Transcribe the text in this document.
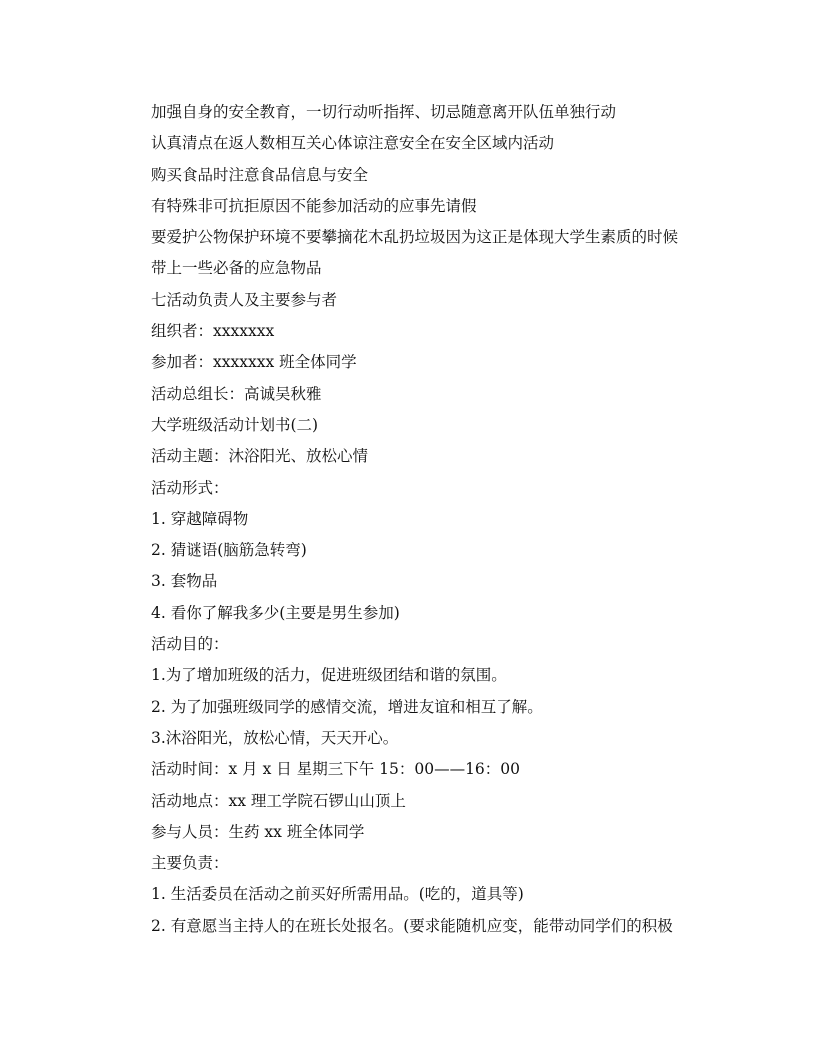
加强自身的安全教育，一切行动听指挥、切忌随意离开队伍单独行动
认真清点在返人数相互关心体谅注意安全在安全区域内活动
购买食品时注意食品信息与安全
有特殊非可抗拒原因不能参加活动的应事先请假
要爱护公物保护环境不要攀摘花木乱扔垃圾因为这正是体现大学生素质的时候
带上一些必备的应急物品
七活动负责人及主要参与者
组织者：xxxxxxx
参加者：xxxxxxx 班全体同学
活动总组长：高诚吴秋雅
大学班级活动计划书(二)
活动主题：沐浴阳光、放松心情
活动形式：
1. 穿越障碍物
2. 猜谜语(脑筋急转弯)
3. 套物品
4. 看你了解我多少(主要是男生参加)
活动目的：
1.为了增加班级的活力，促进班级团结和谐的氛围。
2. 为了加强班级同学的感情交流，增进友谊和相互了解。
3.沐浴阳光，放松心情，天天开心。
活动时间：x 月 x 日 星期三下午 15：00——16：00
活动地点：xx 理工学院石锣山山顶上
参与人员：生药 xx 班全体同学
主要负责：
1. 生活委员在活动之前买好所需用品。(吃的，道具等)
2. 有意愿当主持人的在班长处报名。(要求能随机应变，能带动同学们的积极
